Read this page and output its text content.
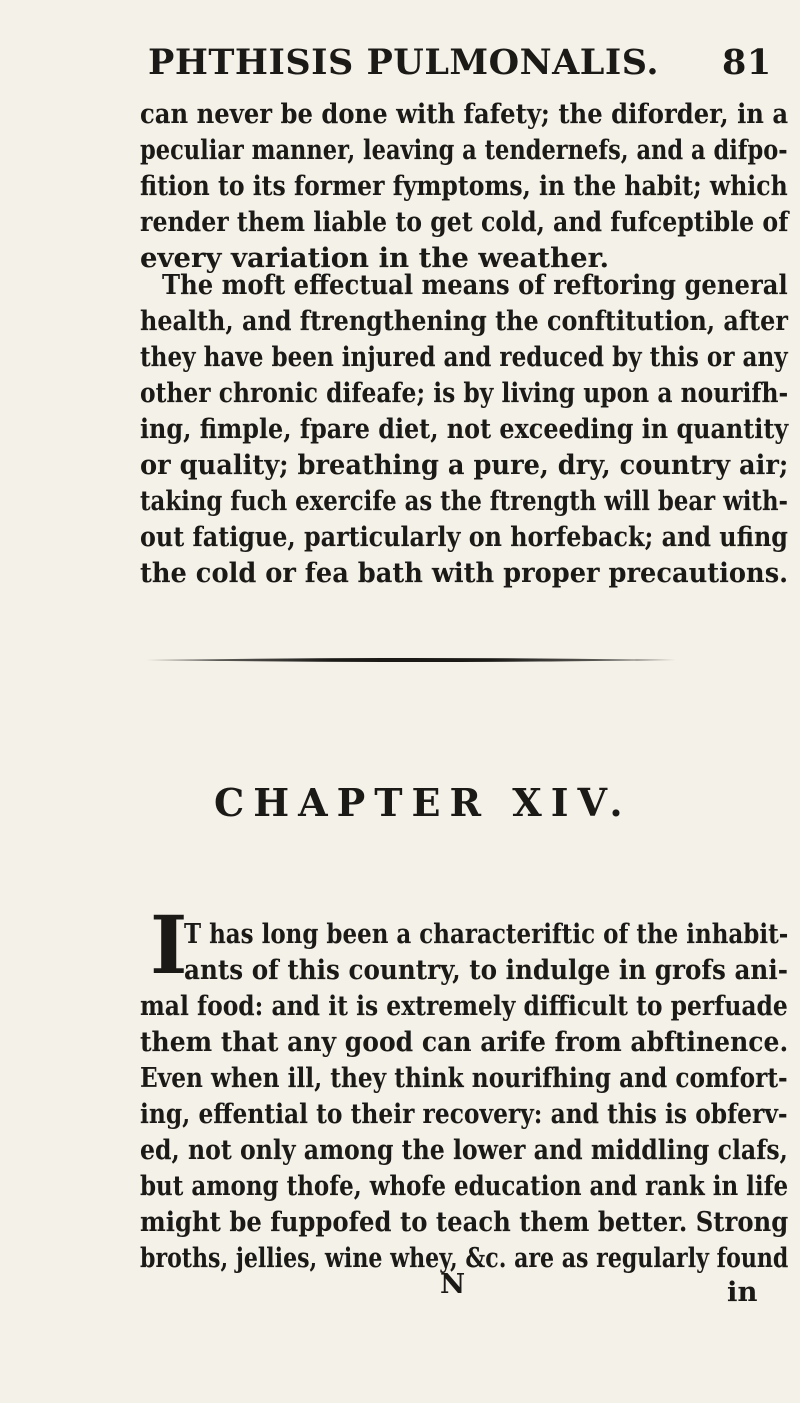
PHTHISIS PULMONALIS. 81
can never be done with fafety; the diforder, in a
peculiar manner, leaving a tendernefs, and a difpo-
fition to its former fymptoms, in the habit; which
render them liable to get cold, and fufceptible of
every variation in the weather.
The moft effectual means of reftoring general
health, and ftrengthening the conftitution, after
they have been injured and reduced by this or any
other chronic difeafe; is by living upon a nourifh-
ing, fimple, fpare diet, not exceeding in quantity
or quality; breathing a pure, dry, country air;
taking fuch exercife as the ftrength will bear with-
out fatigue, particularly on horfeback; and ufing
the cold or fea bath with proper precautions.
CHAPTER XIV.
I
T has long been a characteriftic of the inhabit-
ants of this country, to indulge in grofs ani-
mal food: and it is extremely difficult to perfuade
them that any good can arife from abftinence.
Even when ill, they think nourifhing and comfort-
ing, effential to their recovery: and this is obferv-
ed, not only among the lower and middling clafs,
but among thofe, whofe education and rank in life
might be fuppofed to teach them better. Strong
broths, jellies, wine whey, &c. are as regularly found
N	in
